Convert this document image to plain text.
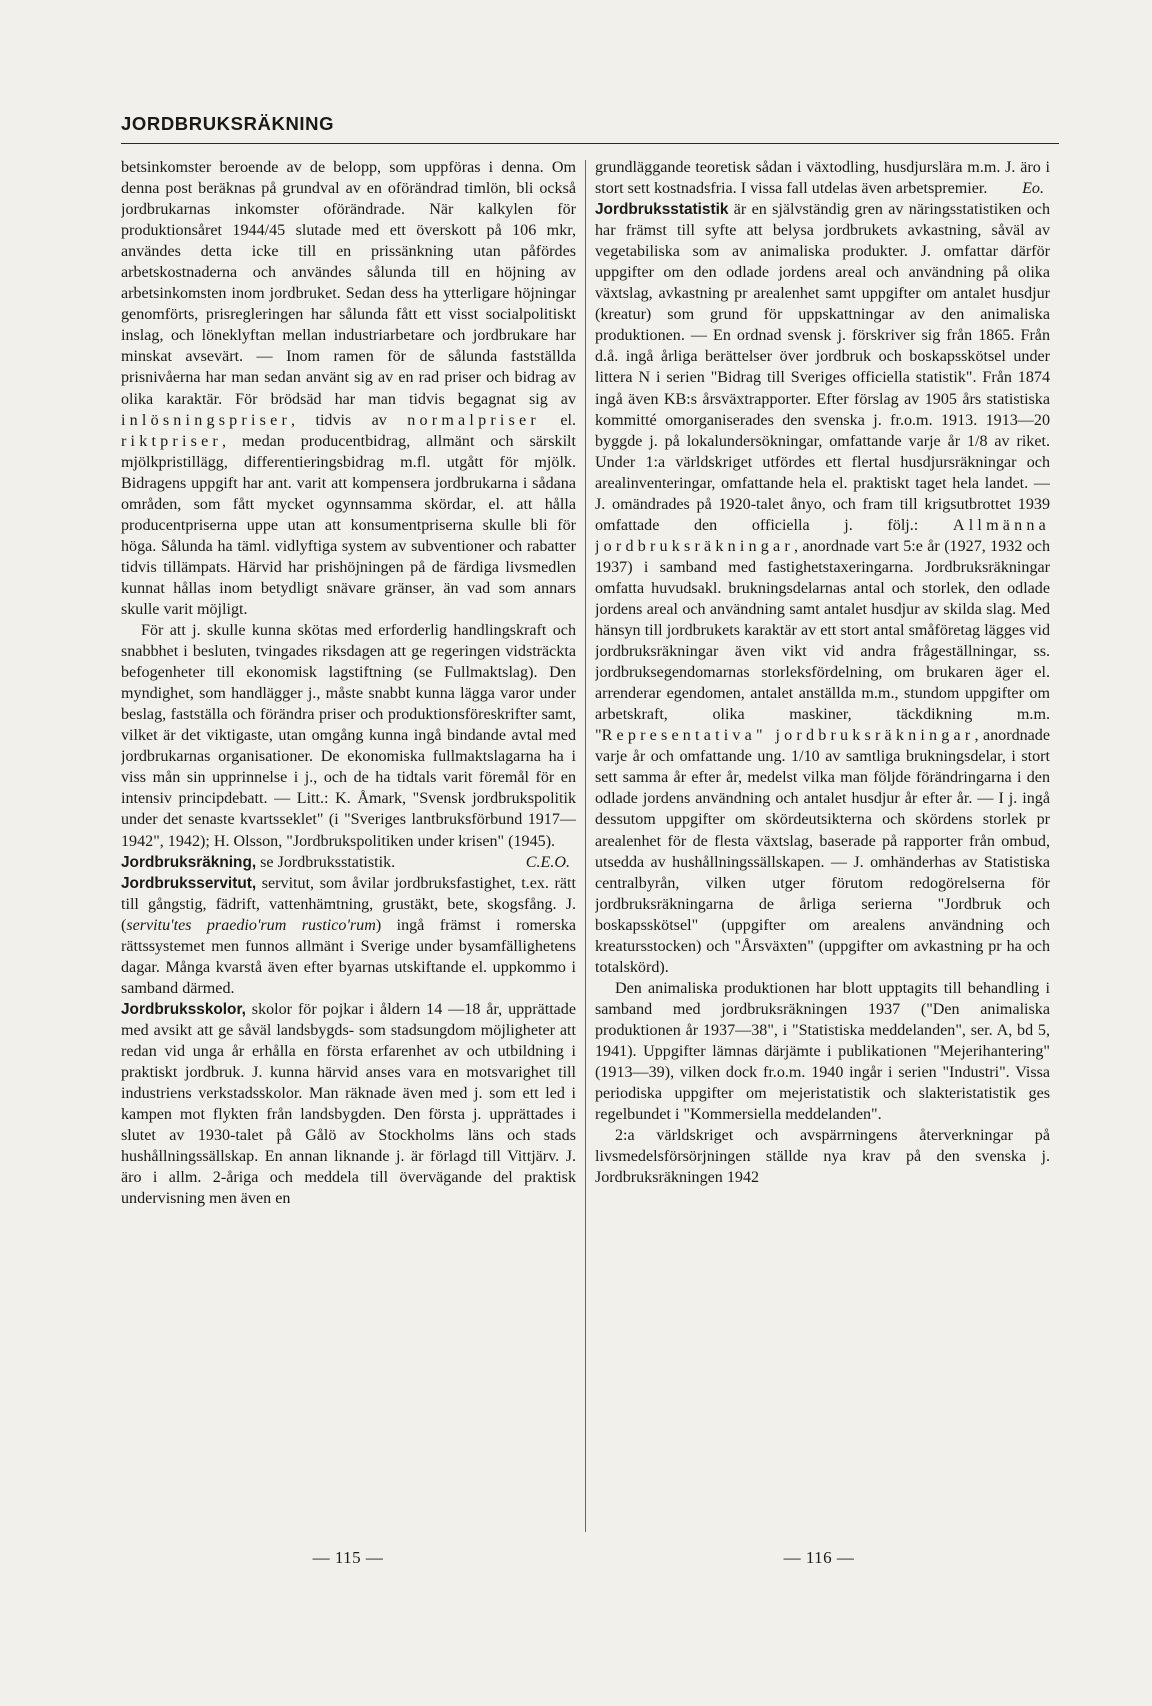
JORDBRUKSRÄKNING

betsinkomster beroende av de belopp, som uppföras i denna. Om denna post beräknas på grundval av en oförändrad timlön, bli också jordbrukarnas inkomster oförändrade. När kalkylen för produktionsåret 1944/45 slutade med ett överskott på 106 mkr, användes detta icke till en prissänkning utan påfördes arbetskostnaderna och användes sålunda till en höjning av arbetsinkomsten inom jordbruket. Sedan dess ha ytterligare höjningar genomförts, prisregleringen har sålunda fått ett visst socialpolitiskt inslag, och löneklyftan mellan industriarbetare och jordbrukare har minskat avsevärt. — Inom ramen för de sålunda fastställda prisnivåerna har man sedan använt sig av en rad priser och bidrag av olika karaktär. För brödsäd har man tidvis begagnat sig av inlösningspriser, tidvis av normalpriser el. riktpriser, medan producentbidrag, allmänt och särskilt mjölkpristillägg, differentieringsbidrag m.fl. utgått för mjölk. Bidragens uppgift har ant. varit att kompensera jordbrukarna i sådana områden, som fått mycket ogynnsamma skördar, el. att hålla producentpriserna uppe utan att konsumentpriserna skulle bli för höga. Sålunda ha täml. vidlyftiga system av subventioner och rabatter tidvis tillämpats. Härvid har prishöjningen på de färdiga livsmedlen kunnat hållas inom betydligt snävare gränser, än vad som annars skulle varit möjligt.

För att j. skulle kunna skötas med erforderlig handlingskraft och snabbhet i besluten, tvingades riksdagen att ge regeringen vidsträckta befogenheter till ekonomisk lagstiftning (se Fullmaktslag). Den myndighet, som handlägger j., måste snabbt kunna lägga varor under beslag, fastställa och förändra priser och produktionsföreskrifter samt, vilket är det viktigaste, utan omgång kunna ingå bindande avtal med jordbrukarnas organisationer. De ekonomiska fullmaktslagarna ha i viss mån sin upprinnelse i j., och de ha tidtals varit föremål för en intensiv principdebatt. — Litt.: K. Åmark, "Svensk jordbrukspolitik under det senaste kvartsseklet" (i "Sveriges lantbruksförbund 1917—1942", 1942); H. Olsson, "Jordbrukspolitiken under krisen" (1945).
C.E.O.

Jordbruksräkning, se Jordbruksstatistik.

Jordbruksservitut, servitut, som åvilar jordbruksfastighet, t.ex. rätt till gångstig, fädrift, vattenhämtning, grustäkt, bete, skogsfång. J. (servitu'tes praedio'rum rustico'rum) ingå främst i romerska rättssystemet men funnos allmänt i Sverige under bysamfällighetens dagar. Många kvarstå även efter byarnas utskiftande el. uppkommo i samband därmed.

Jordbruksskolor, skolor för pojkar i åldern 14 —18 år, upprättade med avsikt att ge såväl landsbygds- som stadsungdom möjligheter att redan vid unga år erhålla en första erfarenhet av och utbildning i praktiskt jordbruk. J. kunna härvid anses vara en motsvarighet till industriens verkstadsskolor. Man räknade även med j. som ett led i kampen mot flykten från landsbygden. Den första j. upprättades i slutet av 1930-talet på Gålö av Stockholms läns och stads hushållningssällskap. En annan liknande j. är förlagd till Vittjärv. J. äro i allm. 2-åriga och meddela till övervägande del praktisk undervisning men även en

grundläggande teoretisk sådan i växtodling, husdjurslära m.m. J. äro i stort sett kostnadsfria. I vissa fall utdelas även arbetspremier. Eo.

Jordbruksstatistik är en självständig gren av näringsstatistiken och har främst till syfte att belysa jordbrukets avkastning, såväl av vegetabiliska som av animaliska produkter. J. omfattar därför uppgifter om den odlade jordens areal och användning på olika växtslag, avkastning pr arealenhet samt uppgifter om antalet husdjur (kreatur) som grund för uppskattningar av den animaliska produktionen. — En ordnad svensk j. förskriver sig från 1865. Från d.å. ingå årliga berättelser över jordbruk och boskapsskötsel under littera N i serien "Bidrag till Sveriges officiella statistik". Från 1874 ingå även KB:s årsväxtrapporter. Efter förslag av 1905 års statistiska kommitté omorganiserades den svenska j. fr.o.m. 1913. 1913—20 byggde j. på lokalundersökningar, omfattande varje år 1/8 av riket. Under 1:a världskriget utfördes ett flertal husdjursräkningar och arealinventeringar, omfattande hela el. praktiskt taget hela landet. — J. omändrades på 1920-talet ånyo, och fram till krigsutbrottet 1939 omfattade den officiella j. följ.: Allmänna jordbruksräkningar, anordnade vart 5:e år (1927, 1932 och 1937) i samband med fastighetstaxeringarna. Jordbruksräkningar omfatta huvudsakl. brukningsdelarnas antal och storlek, den odlade jordens areal och användning samt antalet husdjur av skilda slag. Med hänsyn till jordbrukets karaktär av ett stort antal småföretag lägges vid jordbruksräkningar även vikt vid andra frågeställningar, ss. jordbruksegendomarnas storleksfördelning, om brukaren äger el. arrenderar egendomen, antalet anställda m.m., stundom uppgifter om arbetskraft, olika maskiner, täckdikning m.m. "Representativa" jordbruksräkningar, anordnade varje år och omfattande ung. 1/10 av samtliga brukningsdelar, i stort sett samma år efter år, medelst vilka man följde förändringarna i den odlade jordens användning och antalet husdjur år efter år. — I j. ingå dessutom uppgifter om skördeutsikterna och skördens storlek pr arealenhet för de flesta växtslag, baserade på rapporter från ombud, utsedda av hushållningssällskapen. — J. omhänderhas av Statistiska centralbyrån, vilken utger förutom redogörelserna för jordbruksräkningarna de årliga serierna "Jordbruk och boskapsskötsel" (uppgifter om arealens användning och kreatursstocken) och "Årsväxten" (uppgifter om avkastning pr ha och totalskörd).

Den animaliska produktionen har blott upptagits till behandling i samband med jordbruksräkningen 1937 ("Den animaliska produktionen år 1937—38", i "Statistiska meddelanden", ser. A, bd 5, 1941). Uppgifter lämnas därjämte i publikationen "Mejerihantering" (1913—39), vilken dock fr.o.m. 1940 ingår i serien "Industri". Vissa periodiska uppgifter om mejeristatistik och slakteristatistik ges regelbundet i "Kommersiella meddelanden".

2:a världskriget och avspärrningens återverkningar på livsmedelsförsörjningen ställde nya krav på den svenska j. Jordbruksräkningen 1942

— 115 —	— 116 —
